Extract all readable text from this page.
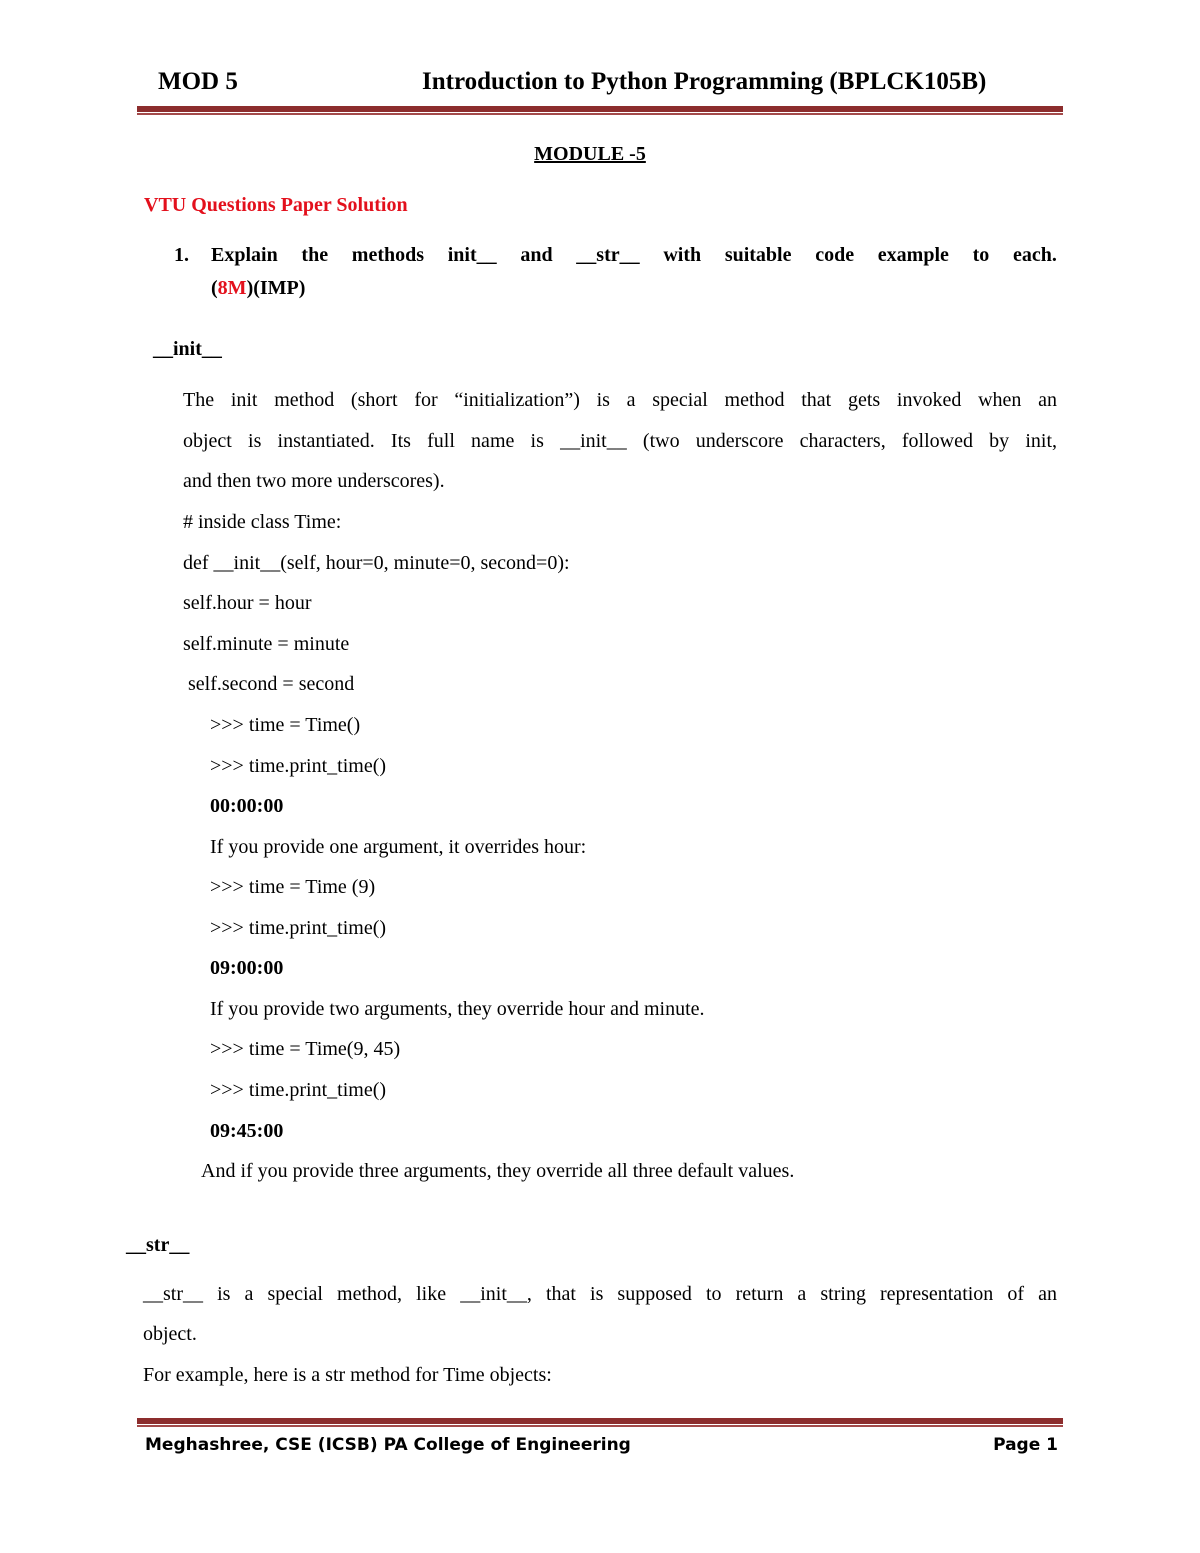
MOD 5	Introduction to Python Programming (BPLCK105B)
MODULE -5
VTU Questions Paper Solution
1. Explain the methods init__ and __str__ with suitable code example to each.
(8M)(IMP)
__init__
The init method (short for “initialization”) is a special method that gets invoked when an
object is instantiated. Its full name is __init__ (two underscore characters, followed by init,
and then two more underscores).
# inside class Time:
def __init__(self, hour=0, minute=0, second=0):
self.hour = hour
self.minute = minute
self.second = second
>>> time = Time()
>>> time.print_time()
00:00:00
If you provide one argument, it overrides hour:
>>> time = Time (9)
>>> time.print_time()
09:00:00
If you provide two arguments, they override hour and minute.
>>> time = Time(9, 45)
>>> time.print_time()
09:45:00
And if you provide three arguments, they override all three default values.
__str__
__str__ is a special method, like __init__, that is supposed to return a string representation of an
object.
For example, here is a str method for Time objects:
Meghashree, CSE (ICSB) PA College of Engineering	Page 1
